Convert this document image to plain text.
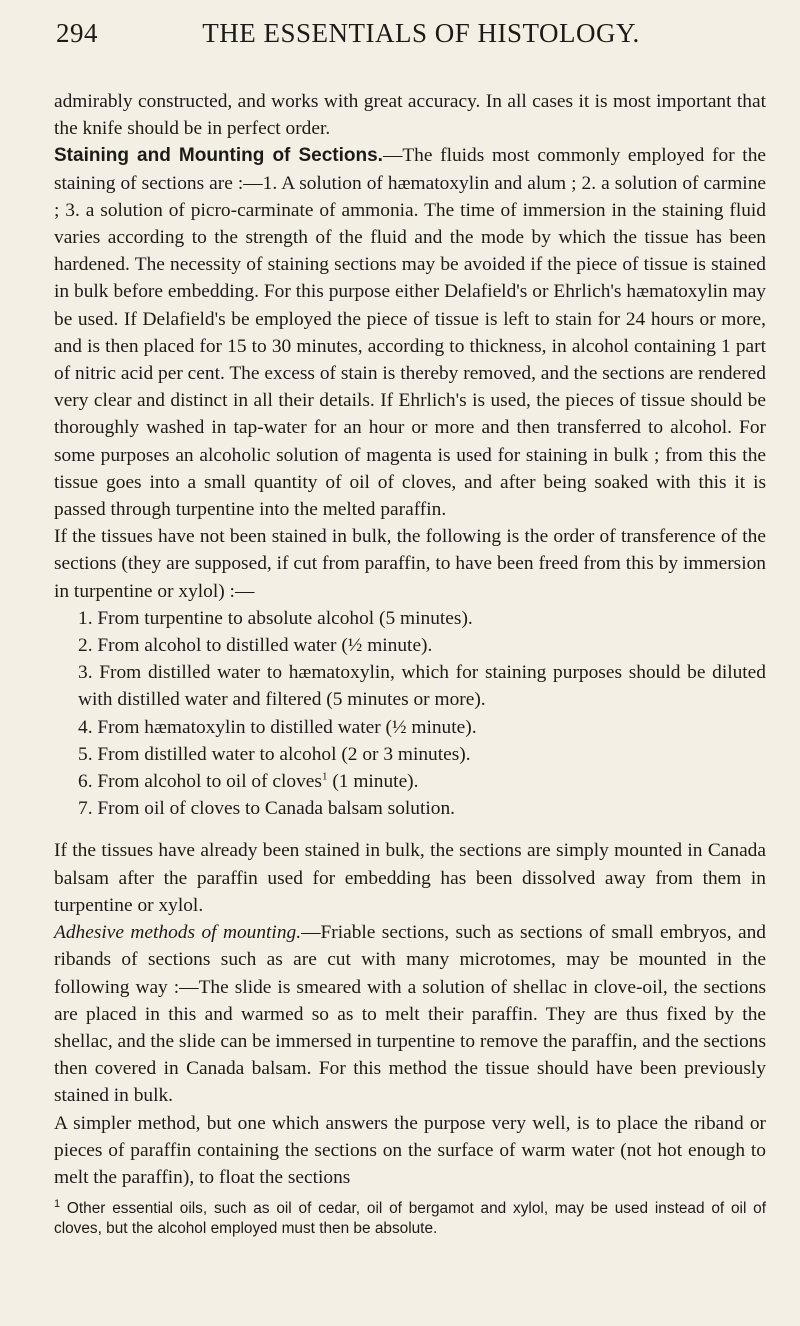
294	THE ESSENTIALS OF HISTOLOGY.

admirably constructed, and works with great accuracy. In all cases it is most important that the knife should be in perfect order.

Staining and Mounting of Sections.—The fluids most commonly employed for the staining of sections are :—1. A solution of hæmatoxylin and alum ; 2. a solution of carmine ; 3. a solution of picro-carminate of ammonia. The time of immersion in the staining fluid varies according to the strength of the fluid and the mode by which the tissue has been hardened. The necessity of staining sections may be avoided if the piece of tissue is stained in bulk before embedding. For this purpose either Delafield's or Ehrlich's hæmatoxylin may be used. If Delafield's be employed the piece of tissue is left to stain for 24 hours or more, and is then placed for 15 to 30 minutes, according to thickness, in alcohol containing 1 part of nitric acid per cent. The excess of stain is thereby removed, and the sections are rendered very clear and distinct in all their details. If Ehrlich's is used, the pieces of tissue should be thoroughly washed in tap-water for an hour or more and then transferred to alcohol. For some purposes an alcoholic solution of magenta is used for staining in bulk ; from this the tissue goes into a small quantity of oil of cloves, and after being soaked with this it is passed through turpentine into the melted paraffin.

If the tissues have not been stained in bulk, the following is the order of transference of the sections (they are supposed, if cut from paraffin, to have been freed from this by immersion in turpentine or xylol) :—

1. From turpentine to absolute alcohol (5 minutes).
2. From alcohol to distilled water (½ minute).
3. From distilled water to hæmatoxylin, which for staining purposes should be diluted with distilled water and filtered (5 minutes or more).
4. From hæmatoxylin to distilled water (½ minute).
5. From distilled water to alcohol (2 or 3 minutes).
6. From alcohol to oil of cloves$^1$ (1 minute).
7. From oil of cloves to Canada balsam solution.

If the tissues have already been stained in bulk, the sections are simply mounted in Canada balsam after the paraffin used for embedding has been dissolved away from them in turpentine or xylol.

Adhesive methods of mounting.—Friable sections, such as sections of small embryos, and ribands of sections such as are cut with many microtomes, may be mounted in the following way :—The slide is smeared with a solution of shellac in clove-oil, the sections are placed in this and warmed so as to melt their paraffin. They are thus fixed by the shellac, and the slide can be immersed in turpentine to remove the paraffin, and the sections then covered in Canada balsam. For this method the tissue should have been previously stained in bulk.

A simpler method, but one which answers the purpose very well, is to place the riband or pieces of paraffin containing the sections on the surface of warm water (not hot enough to melt the paraffin), to float the sections

$^1$ Other essential oils, such as oil of cedar, oil of bergamot and xylol, may be used instead of oil of cloves, but the alcohol employed must then be absolute.
